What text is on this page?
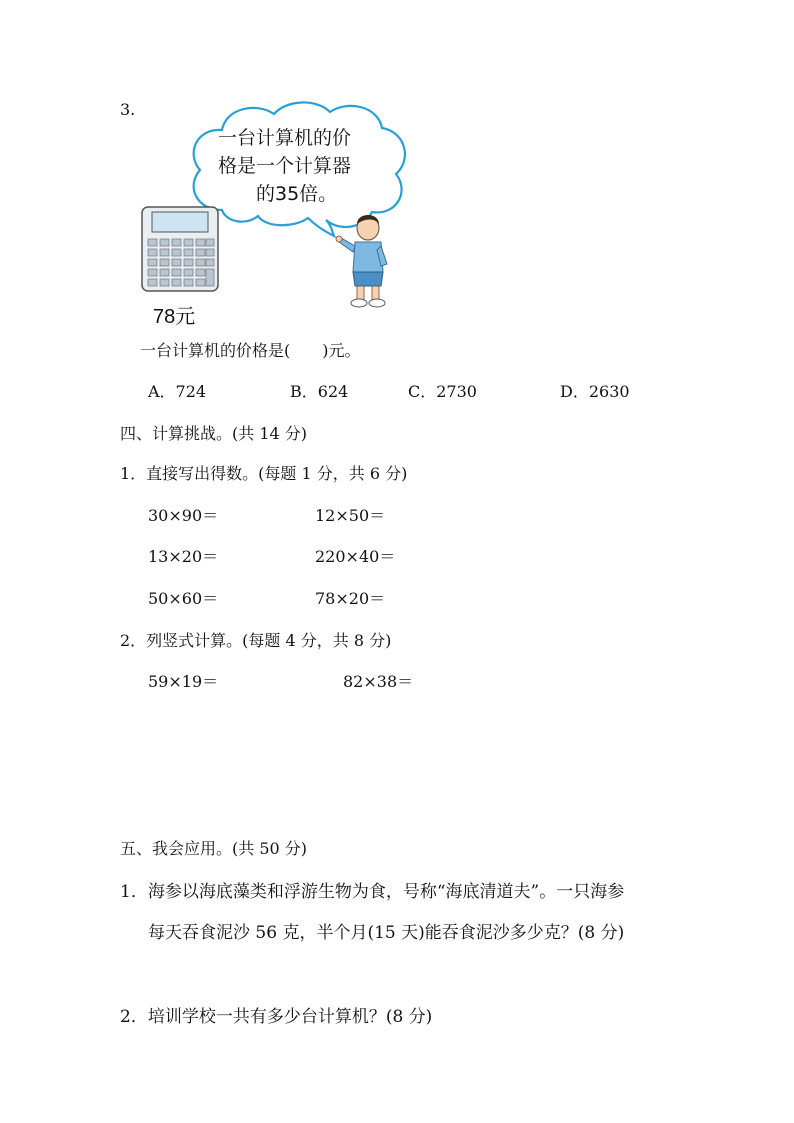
3.
一台计算机的价
格是一个计算器
的35倍。
78元
一台计算机的价格是(　　)元。
A．724	B．624	C．2730	D．2630
四、计算挑战。(共 14 分)
1．直接写出得数。(每题 1 分，共 6 分)
30×90＝	12×50＝
13×20＝	220×40＝
50×60＝	78×20＝
2．列竖式计算。(每题 4 分，共 8 分)
59×19＝	82×38＝
五、我会应用。(共 50 分)
1．海参以海底藻类和浮游生物为食，号称“海底清道夫”。一只海参
每天吞食泥沙 56 克，半个月(15 天)能吞食泥沙多少克？(8 分)
2．培训学校一共有多少台计算机？(8 分)
